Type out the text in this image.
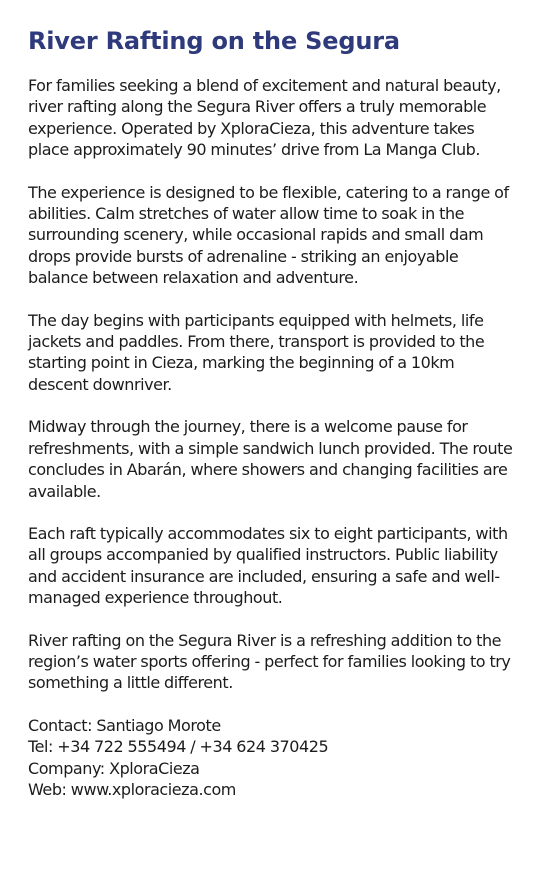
River Rafting on the Segura

For families seeking a blend of excitement and natural beauty, river rafting along the Segura River offers a truly memorable experience. Operated by XploraCieza, this adventure takes place approximately 90 minutes’ drive from La Manga Club.

The experience is designed to be flexible, catering to a range of abilities. Calm stretches of water allow time to soak in the surrounding scenery, while occasional rapids and small dam drops provide bursts of adrenaline - striking an enjoyable balance between relaxation and adventure.

The day begins with participants equipped with helmets, life jackets and paddles. From there, transport is provided to the starting point in Cieza, marking the beginning of a 10km descent downriver.

Midway through the journey, there is a welcome pause for refreshments, with a simple sandwich lunch provided. The route concludes in Abarán, where showers and changing facilities are available.

Each raft typically accommodates six to eight participants, with all groups accompanied by qualified instructors. Public liability and accident insurance are included, ensuring a safe and well-managed experience throughout.

River rafting on the Segura River is a refreshing addition to the region’s water sports offering - perfect for families looking to try something a little different.

Contact: Santiago Morote
Tel: +34 722 555494 / +34 624 370425
Company: XploraCieza
Web: www.xploracieza.com
